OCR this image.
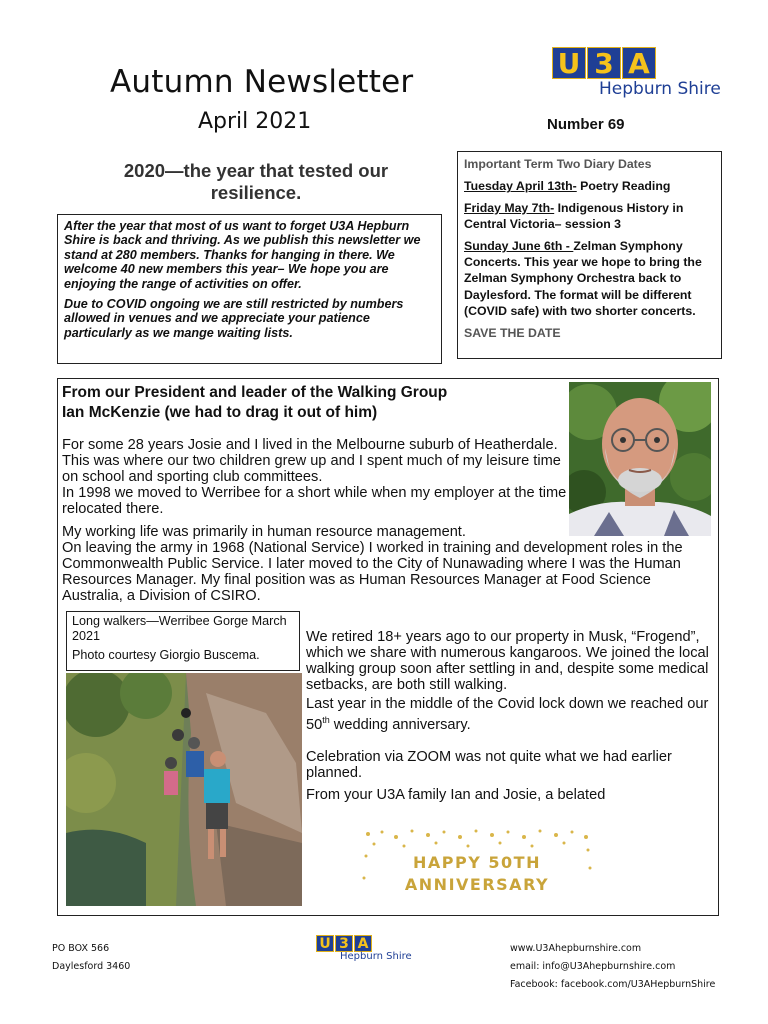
Autumn Newsletter
April 2021	Number 69
U 3 A
Hepburn Shire
2020—the year that tested our resilience.

After the year that most of us want to forget U3A Hepburn Shire is back and thriving. As we publish this newsletter we stand at 280 members. Thanks for hanging in there. We welcome 40 new members this year– We hope you are enjoying the range of activities on offer.

Due to COVID ongoing we are still restricted by numbers allowed in venues and we appreciate your patience particularly as we mange waiting lists.

Important Term Two Diary Dates

Tuesday April 13th- Poetry Reading

Friday May 7th- Indigenous History in Central Victoria– session 3

Sunday June 6th - Zelman Symphony Concerts. This year we hope to bring the Zelman Symphony Orchestra back to Daylesford. The format will be different (COVID safe) with two shorter concerts.

SAVE THE DATE

From our President and leader of the Walking Group
Ian McKenzie (we had to drag it out of him)

For some 28 years Josie and I lived in the Melbourne suburb of Heatherdale. This was where our two children grew up and I spent much of my leisure time on school and sporting club committees.

In 1998 we moved to Werribee for a short while when my employer at the time relocated there.

My working life was primarily in human resource management.

On leaving the army in 1968 (National Service) I worked in training and development roles in the Commonwealth Public Service. I later moved to the City of Nunawading where I was the Human Resources Manager. My final position was as Human Resources Manager at Food Science Australia, a Division of CSIRO.

Long walkers—Werribee Gorge March 2021

Photo courtesy Giorgio Buscema.

We retired 18+ years ago to our property in Musk, “Frogend”, which we share with numerous kangaroos. We joined the local walking group soon after settling in and, despite some medical setbacks, are both still walking.

Last year in the middle of the Covid lock down we reached our 50th wedding anniversary.

Celebration via ZOOM was not quite what we had earlier planned.

From your U3A family Ian and Josie, a belated

HAPPY 50TH
ANNIVERSARY
PO BOX 566
Daylesford 3460
U 3 A
Hepburn Shire
www.U3Ahepburnshire.com
email: info@U3Ahepburnshire.com
Facebook: facebook.com/U3AHepburnShire
